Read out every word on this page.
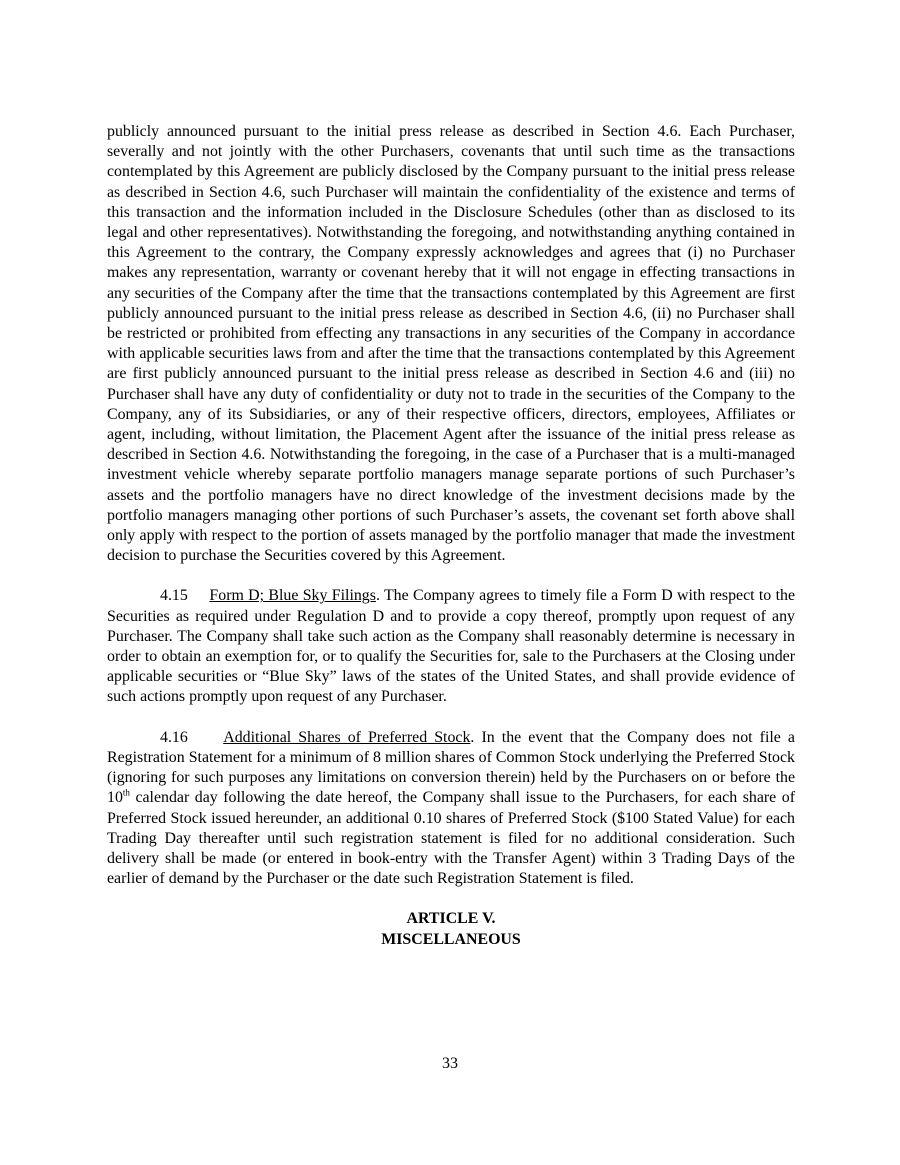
publicly announced pursuant to the initial press release as described in Section 4.6. Each Purchaser, severally and not jointly with the other Purchasers, covenants that until such time as the transactions contemplated by this Agreement are publicly disclosed by the Company pursuant to the initial press release as described in Section 4.6, such Purchaser will maintain the confidentiality of the existence and terms of this transaction and the information included in the Disclosure Schedules (other than as disclosed to its legal and other representatives). Notwithstanding the foregoing, and notwithstanding anything contained in this Agreement to the contrary, the Company expressly acknowledges and agrees that (i) no Purchaser makes any representation, warranty or covenant hereby that it will not engage in effecting transactions in any securities of the Company after the time that the transactions contemplated by this Agreement are first publicly announced pursuant to the initial press release as described in Section 4.6, (ii) no Purchaser shall be restricted or prohibited from effecting any transactions in any securities of the Company in accordance with applicable securities laws from and after the time that the transactions contemplated by this Agreement are first publicly announced pursuant to the initial press release as described in Section 4.6 and (iii) no Purchaser shall have any duty of confidentiality or duty not to trade in the securities of the Company to the Company, any of its Subsidiaries, or any of their respective officers, directors, employees, Affiliates or agent, including, without limitation, the Placement Agent after the issuance of the initial press release as described in Section 4.6. Notwithstanding the foregoing, in the case of a Purchaser that is a multi-managed investment vehicle whereby separate portfolio managers manage separate portions of such Purchaser’s assets and the portfolio managers have no direct knowledge of the investment decisions made by the portfolio managers managing other portions of such Purchaser’s assets, the covenant set forth above shall only apply with respect to the portion of assets managed by the portfolio manager that made the investment decision to purchase the Securities covered by this Agreement.

4.15 Form D; Blue Sky Filings. The Company agrees to timely file a Form D with respect to the Securities as required under Regulation D and to provide a copy thereof, promptly upon request of any Purchaser. The Company shall take such action as the Company shall reasonably determine is necessary in order to obtain an exemption for, or to qualify the Securities for, sale to the Purchasers at the Closing under applicable securities or “Blue Sky” laws of the states of the United States, and shall provide evidence of such actions promptly upon request of any Purchaser.

4.16 Additional Shares of Preferred Stock. In the event that the Company does not file a Registration Statement for a minimum of 8 million shares of Common Stock underlying the Preferred Stock (ignoring for such purposes any limitations on conversion therein) held by the Purchasers on or before the 10th calendar day following the date hereof, the Company shall issue to the Purchasers, for each share of Preferred Stock issued hereunder, an additional 0.10 shares of Preferred Stock ($100 Stated Value) for each Trading Day thereafter until such registration statement is filed for no additional consideration. Such delivery shall be made (or entered in book-entry with the Transfer Agent) within 3 Trading Days of the earlier of demand by the Purchaser or the date such Registration Statement is filed.

ARTICLE V.
MISCELLANEOUS
33
